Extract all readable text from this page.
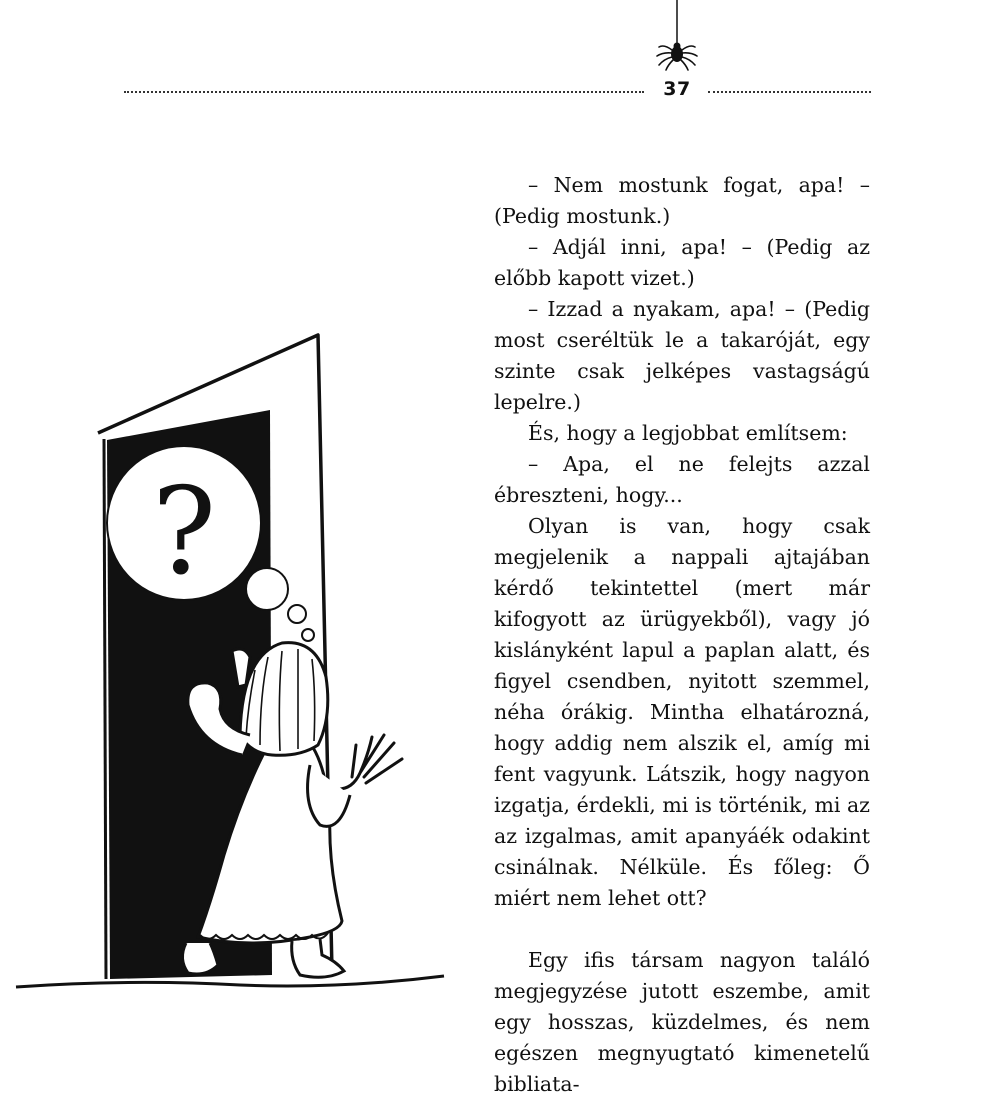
37
?

– Nem mostunk fogat, apa! – (Pedig mostunk.)

– Adjál inni, apa! – (Pedig az előbb kapott vizet.)

– Izzad a nyakam, apa! – (Pedig most cseréltük le a takaróját, egy szinte csak jelképes vastagságú lepelre.)

És, hogy a legjobbat említsem:

– Apa, el ne felejts azzal ébreszteni, hogy...

Olyan is van, hogy csak megjelenik a nappali ajtajában kérdő tekintettel (mert már kifogyott az ürügyekből), vagy jó kislányként lapul a paplan alatt, és figyel csendben, nyitott szemmel, néha órákig. Mintha elhatározná, hogy addig nem alszik el, amíg mi fent vagyunk. Látszik, hogy nagyon izgatja, érdekli, mi is történik, mi az az izgalmas, amit apanyáék odakint csinálnak. Nélküle. És főleg: Ő miért nem lehet ott?

Egy ifis társam nagyon találó megjegyzése jutott eszembe, amit egy hosszas, küzdelmes, és nem egészen megnyugtató kimenetelű bibliata-
